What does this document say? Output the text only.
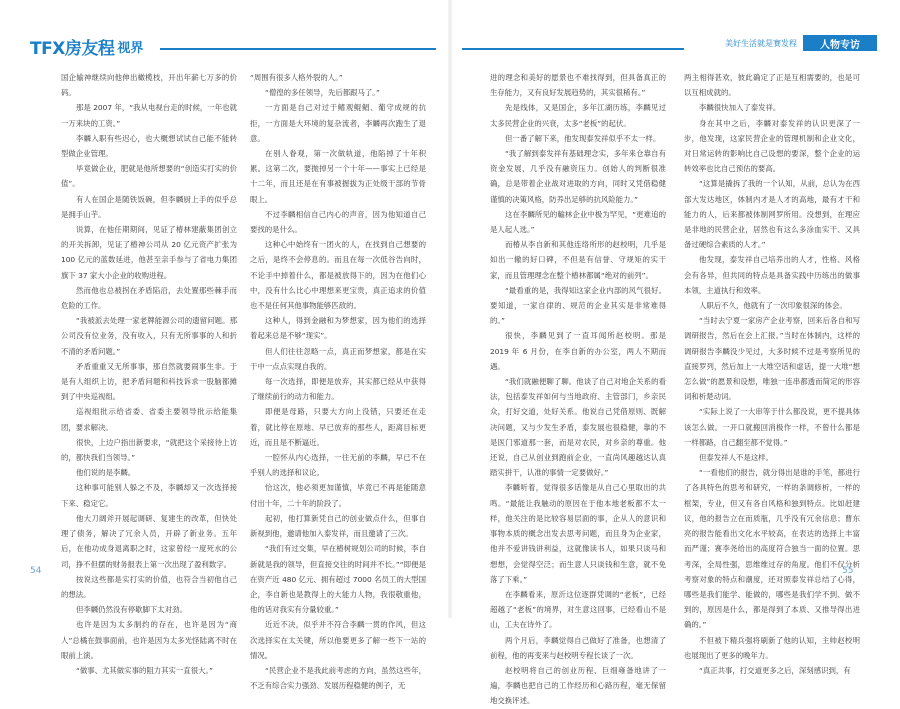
TFX房友程 视界	美好生活就是赛发程	人物专访

国企输神继续向他伸出橄榄枝，开出年薪七万多的价码。

那是 2007 年，“我从电视台走的时候，一年也就一万来块的工资。”

李麟入职有些迟心，也大概想试试自己能不能转型做企业管理。

毕竟做企业，肥就是他所想要的“创造实打实的价值”。

有人在国企是随铁饭碗，但李麟厨上手的似乎总是拥手山芋。

说算，在他任期期间，见证了椿林建蔽集团创立的开关拆卸，见证了椿神公司从 20 亿元资产扩张为 100 亿元的蓝数延进，他甚至亲手参与了省电力集团旗下 37 家大小企业的收购进程。

然而他也总被拐在矛盾陷沿，去处置那些棘手而危险的工作。

“我被派去处理一家老牌能源公司的遗留问题。那公司没有位业务，没有收入，只有无所事事的人和折不清的矛盾问题。”

矛盾重重又无所事事，那自然就要闹事生非。于是有人组织上访，把矛盾问题和科技诉求一股脑都摊到了中央巡视组。

巡视组批示给省委、省委主要领导批示给能集团，要求解决。

很快，上边户指出新要求，“就把这个采接待上访的，都快我们当领导。”

他们说的是李麟。

这种事可能别人躲之不及，李麟却又一次选择接下来、稳定它。

他大刀阔斧开展起调研、复建生的改革，但快处理了债务，解决了冗余人员，开辟了新业务。五年后，在他功成身退离职之时，这家曾经一度死水的公司，挣不但摆的财务报表上第一次出现了盈利数字。

按说这些都是实打实的价值，也符合当初他自己的想法。

但李麟仍然没有停歇脚下太对劲。

也许是因为太多制约的存在，也许是因为“商人”总橘在鼓事面前，也许是因为太多光怪陆离不时在眼前上演。

“做事、尤其做实事的阻力其实一直很大。”

“周围有很多人格外裂的人。”

“僧徨的多任领导，先后都跟马了。”

一方面是自己对过于鳍观鲲鲳、葡守成规的抗拒，一方面是大环境的复杂流者，李麟再次跑生了退意。

在别人眷观，第一次做轨道，他陷掉了十年积累。这第二次，要抛掉另一个十年——事实上已经是十二年，而且还是在有事被握拔为正处级干部的节骨眼上。

不过李麟相信自己内心的声音，因为他知道自己要找的是什么。

这种心中始终有一团火的人，在找到自己想要的之后，是终不会停息的。而且在每一次低谷告向时，不论手中掉着什么，都是被放得下的，因为在他们心中，没有什么比心中理想来更宝贵，真正追求的价值也不是任何其他事物能够匹敌的。

这种人，得到金融和为梦想家，因为他们的选择着起来总是不够“现实”。

但人们往往忽略一点，真正而梦想家，都是在实干中一点点实现自我的。

每一次选择，即便是放弃，其实都已经从中获得了继续前行的动力和能力。

即便是母路，只要大方向上没错，只要还在走着，就比停在原地、早已放弃的那些人，距离目标更近，而且是不断逼近。

一腔怀从内心选择，一往无前的李麟，早已不在乎别人的选择和议论。

恰这次，他必须更加谨慎，毕竟已不再是能随意付出十年，二十年的阶段了。

起初，他打算新凭自己的创业做点什么，但事自新视到他，邀请他加入泰发祥，而且邀请了三次。

“我们有过交集，早在椿树规划公司的时候，李自新就是我的领导，但直接交往的时间并不长。”“即便是在资产近 480 亿元、拥有超过 7000 名员工的大型国企，李自新也是教得上的大能力人物，我很敬重他，他的话对我实有分量较重。”

近近不决，似乎并不符合李麟一贯的作风，但这次选择实在太关键，所以他要更多了解一些下一站的情况。

“民营企业不是我此前考虑的方向，虽然这些年，不乏有综合实力强劲、发展历程稳健的例子，无

进的理念和美好的愿景也不难找得到，但具备真正的生存能力，又有良好发展趋势的，其实很稀有。”

先是线体，又是国企，多年江湖历练，李麟见过太多民营企业的兴衰，太多“老板”的起伏。

但一番了解下来，他发现泰发祥似乎不太一样。

“我了解到泰发祥有基础理念实，多年来仓靠自有资金发展，几乎没有融资压力。创始人的判断很准确，总是带着企业战对进取的方向，同时又凭借稳健谨慎的决策风格，防养出足够的抗风险能力。”

这在李麟所见的輸林企业中极为罕见，“更难追的是人起人选。”

而椿从李自新和其他连络所形的赵校明，几乎是如出一辙的好口碑，不但是有信誉、守规矩的实干家，而且管理理念在整个椿林都属“绝对的前列”。

“最看重的是，我得知这家企业内部的风气很好。要知道，一家自律的、规范的企业其实是非常难得的。”

很快，李麟见到了一直耳闻所赵校明。那是 2019 年 6 月份，在李自新的办公室，两人不期而遇。

“我们就融便聊了聊。他谈了自己对地企关系的看法，包括泰发祥如何与当地政府、主管部门，乡亲民众，打好交道，处好关系。他说自己凭借原则、既解决问题，又与少发生矛盾，泰发展也很稳健，靠的不是医门邪道那一套，而是对农民，对乡亲的尊重。他还说，自己从创业到跑前企业，一直尚风趣越达认真踏实拼干，认准的事情一定要做好。”

李麟听着，觉得很多话像是从自己心里取出的共鸣。“最能让我触动的原因在于他本地老板都不太一样，他关注的是比较容易层面的事，企从人的意识和事物本质的概念出发去思考问题，而且身为企业家，他并不爱讲钱讲利益，这就像读书人，如果只谈马和想想，会觉得空泛；而生意人只谈钱和生意，就不免落了下乘。”

在李麟看来，原沂这位逐群凭调的“老板”，已经超越了“老板”的境界，对生意这回事，已经看山不是山，工夫在诗外了。

两个月后，李麟觉得自己做好了准备，也想清了前程，他的再变来与赵校明专程长谈了一次。

赵校明将自己的创业历程、巨细雍备地讲了一遍，李麟也把自己的工作经历和心路历程，毫无保留地交换评述。

两主相得甚欢，彼此确定了正是互相需要的，也是可以互相成就的。

李麟很快加入了泰发祥。

身在其中之后，李麟对泰发祥的认识更深了一步，他发现，这家民营企业的管理机制和企业文化，对日常运转的影响比自己设想的要深，整个企业的运转效率也比自己预估的要高。

“这算是撬拆了我的一个认知，从前，总认为在西部大发达地区，体制内才是人才的高地，最有才干和能力的人，后来都被体制网罗所用。没想到，在理应是非地的民营企业，居然也有这么多涂血实干、又具备过硬综合素质的人才。”

他发现，泰发祥自己培养出的人才，性格、风格会有各异，但共同的特点是具备实践中历练出的做事本领，主道执行和效率。

人职后不久，他就有了一次印象很深的体会。

“当时去宁夏一家房产企业考察，回来后各自和写调研报告，然后在会上汇报。”当时在体制内，这样的调研报告李麟没少见过，大多时候不过是考察所见的直接罗列，然后加上一大堆空话和虚话，提一大堆“想怎么做”的愿景和设想，唯独一连串都透而简定的形容词和析楚动词。

“实际上说了一大串等于什么都没说，更不提具体该怎么做。一开口就搬回消极作一样，不曾什么都是一样都路，自己翻至都不觉得。”

但泰发祥人不是这样。

“一看他们的报告，就分得出是谁的手笔，都进行了各具特色的思考和研究，一样的条调修析，一样的框架，专业，但又有各自风格和独到特点。比如赶建议，他的报告立在而质瓶，几乎没有冗余信息；曹东亮的报告能看出文化水平较高，在表达的选择上丰富而严谨；赛李尧给出的高度符合独当一面的位置。思考深，全局性强，思维维过存的角度。他们不仅分析考察对象的特点和潮度，还对照泰发祥总结了心得，哪些是我们能学、能做的，哪些是我们学不到、做不到的，原因是什么，都是得到了本质、又推导得出进确的。”

不但被下精兵强将刷新了他的认知，主帅赵校明也展现出了更多的晚年力。

“真正共事，打交道更多之后，深刻感识到，有

54	55
